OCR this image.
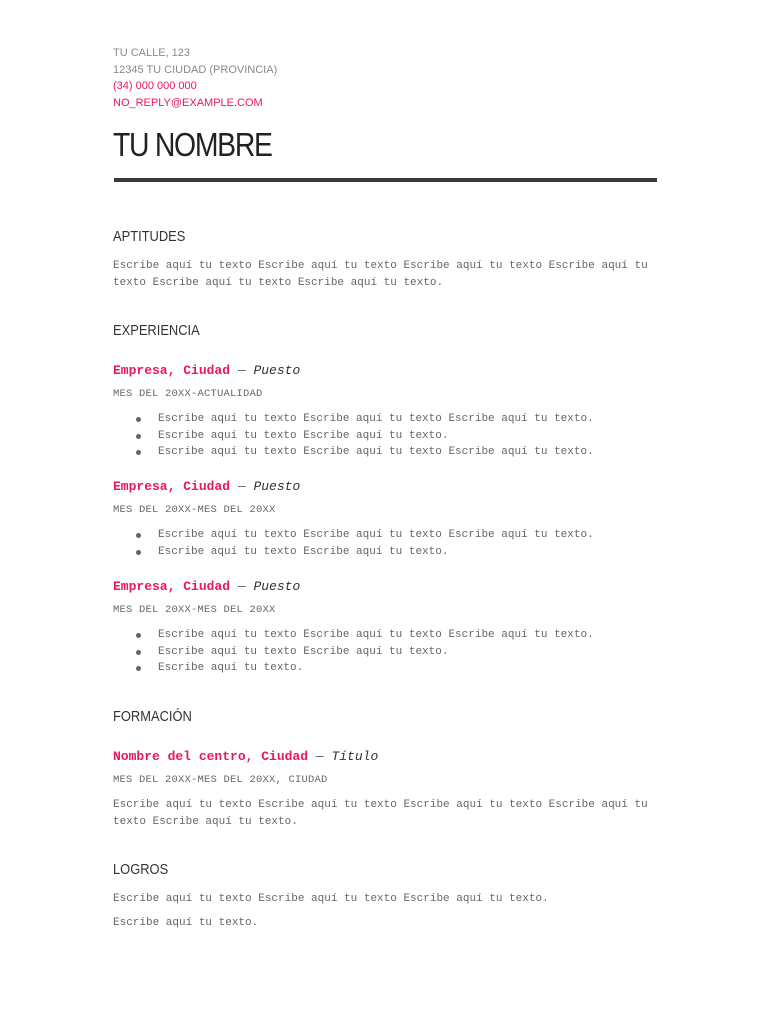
TU CALLE, 123
12345 TU CIUDAD (PROVINCIA)
(34) 000 000 000
NO_REPLY@EXAMPLE.COM
TU NOMBRE
APTITUDES

Escribe aquí tu texto Escribe aquí tu texto Escribe aquí tu texto Escribe aquí tu texto Escribe aquí tu texto Escribe aquí tu texto.

EXPERIENCIA

Empresa, Ciudad — Puesto

MES DEL 20XX-ACTUALIDAD

Escribe aquí tu texto Escribe aquí tu texto Escribe aquí tu texto.
Escribe aquí tu texto Escribe aquí tu texto.
Escribe aquí tu texto Escribe aquí tu texto Escribe aquí tu texto.

Empresa, Ciudad — Puesto

MES DEL 20XX-MES DEL 20XX

Escribe aquí tu texto Escribe aquí tu texto Escribe aquí tu texto.
Escribe aquí tu texto Escribe aquí tu texto.

Empresa, Ciudad — Puesto

MES DEL 20XX-MES DEL 20XX

Escribe aquí tu texto Escribe aquí tu texto Escribe aquí tu texto.
Escribe aquí tu texto Escribe aquí tu texto.
Escribe aquí tu texto.
FORMACIÓN

Nombre del centro, Ciudad — Título

MES DEL 20XX-MES DEL 20XX, CIUDAD

Escribe aquí tu texto Escribe aquí tu texto Escribe aquí tu texto Escribe aquí tu texto Escribe aquí tu texto.

LOGROS

Escribe aquí tu texto Escribe aquí tu texto Escribe aquí tu texto.

Escribe aquí tu texto.
